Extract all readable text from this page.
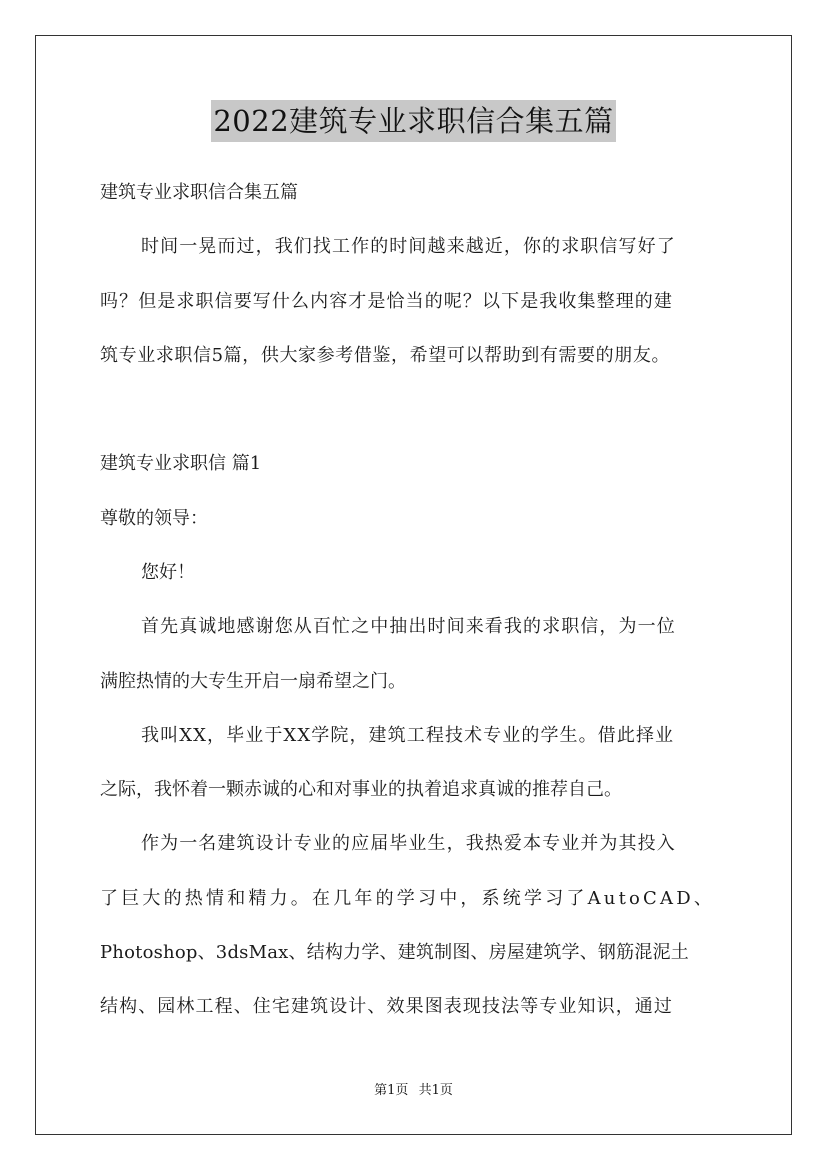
2022建筑专业求职信合集五篇
建筑专业求职信合集五篇
时间一晃而过，我们找工作的时间越来越近，你的求职信写好了
吗？但是求职信要写什么内容才是恰当的呢？以下是我收集整理的建
筑专业求职信5篇，供大家参考借鉴，希望可以帮助到有需要的朋友。
建筑专业求职信 篇1
尊敬的领导：
您好！
首先真诚地感谢您从百忙之中抽出时间来看我的求职信，为一位
满腔热情的大专生开启一扇希望之门。
我叫XX，毕业于XX学院，建筑工程技术专业的学生。借此择业
之际，我怀着一颗赤诚的心和对事业的执着追求真诚的推荐自己。
作为一名建筑设计专业的应届毕业生，我热爱本专业并为其投入
了巨大的热情和精力。在几年的学习中，系统学习了AutoCAD、
Photoshop、3dsMax、结构力学、建筑制图、房屋建筑学、钢筋混泥土
结构、园林工程、住宅建筑设计、效果图表现技法等专业知识，通过
第1页 共1页
